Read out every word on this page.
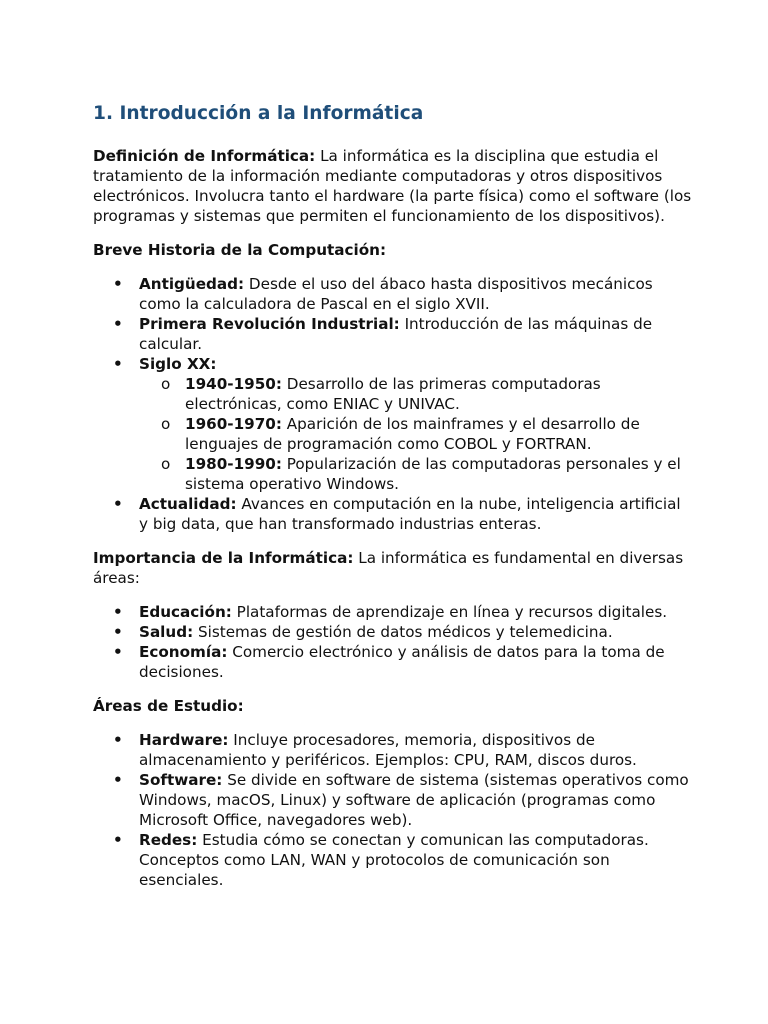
1. Introducción a la Informática

Definición de Informática: La informática es la disciplina que estudia el tratamiento de la información mediante computadoras y otros dispositivos electrónicos. Involucra tanto el hardware (la parte física) como el software (los programas y sistemas que permiten el funcionamiento de los dispositivos).

Breve Historia de la Computación:

• Antigüedad: Desde el uso del ábaco hasta dispositivos mecánicos como la calculadora de Pascal en el siglo XVII.
• Primera Revolución Industrial: Introducción de las máquinas de calcular.
• Siglo XX:
o 1940-1950: Desarrollo de las primeras computadoras electrónicas, como ENIAC y UNIVAC.
o 1960-1970: Aparición de los mainframes y el desarrollo de lenguajes de programación como COBOL y FORTRAN.
o 1980-1990: Popularización de las computadoras personales y el sistema operativo Windows.
• Actualidad: Avances en computación en la nube, inteligencia artificial y big data, que han transformado industrias enteras.

Importancia de la Informática: La informática es fundamental en diversas áreas:

• Educación: Plataformas de aprendizaje en línea y recursos digitales.
• Salud: Sistemas de gestión de datos médicos y telemedicina.
• Economía: Comercio electrónico y análisis de datos para la toma de decisiones.

Áreas de Estudio:

• Hardware: Incluye procesadores, memoria, dispositivos de almacenamiento y periféricos. Ejemplos: CPU, RAM, discos duros.
• Software: Se divide en software de sistema (sistemas operativos como Windows, macOS, Linux) y software de aplicación (programas como Microsoft Office, navegadores web).
• Redes: Estudia cómo se conectan y comunican las computadoras. Conceptos como LAN, WAN y protocolos de comunicación son esenciales.
